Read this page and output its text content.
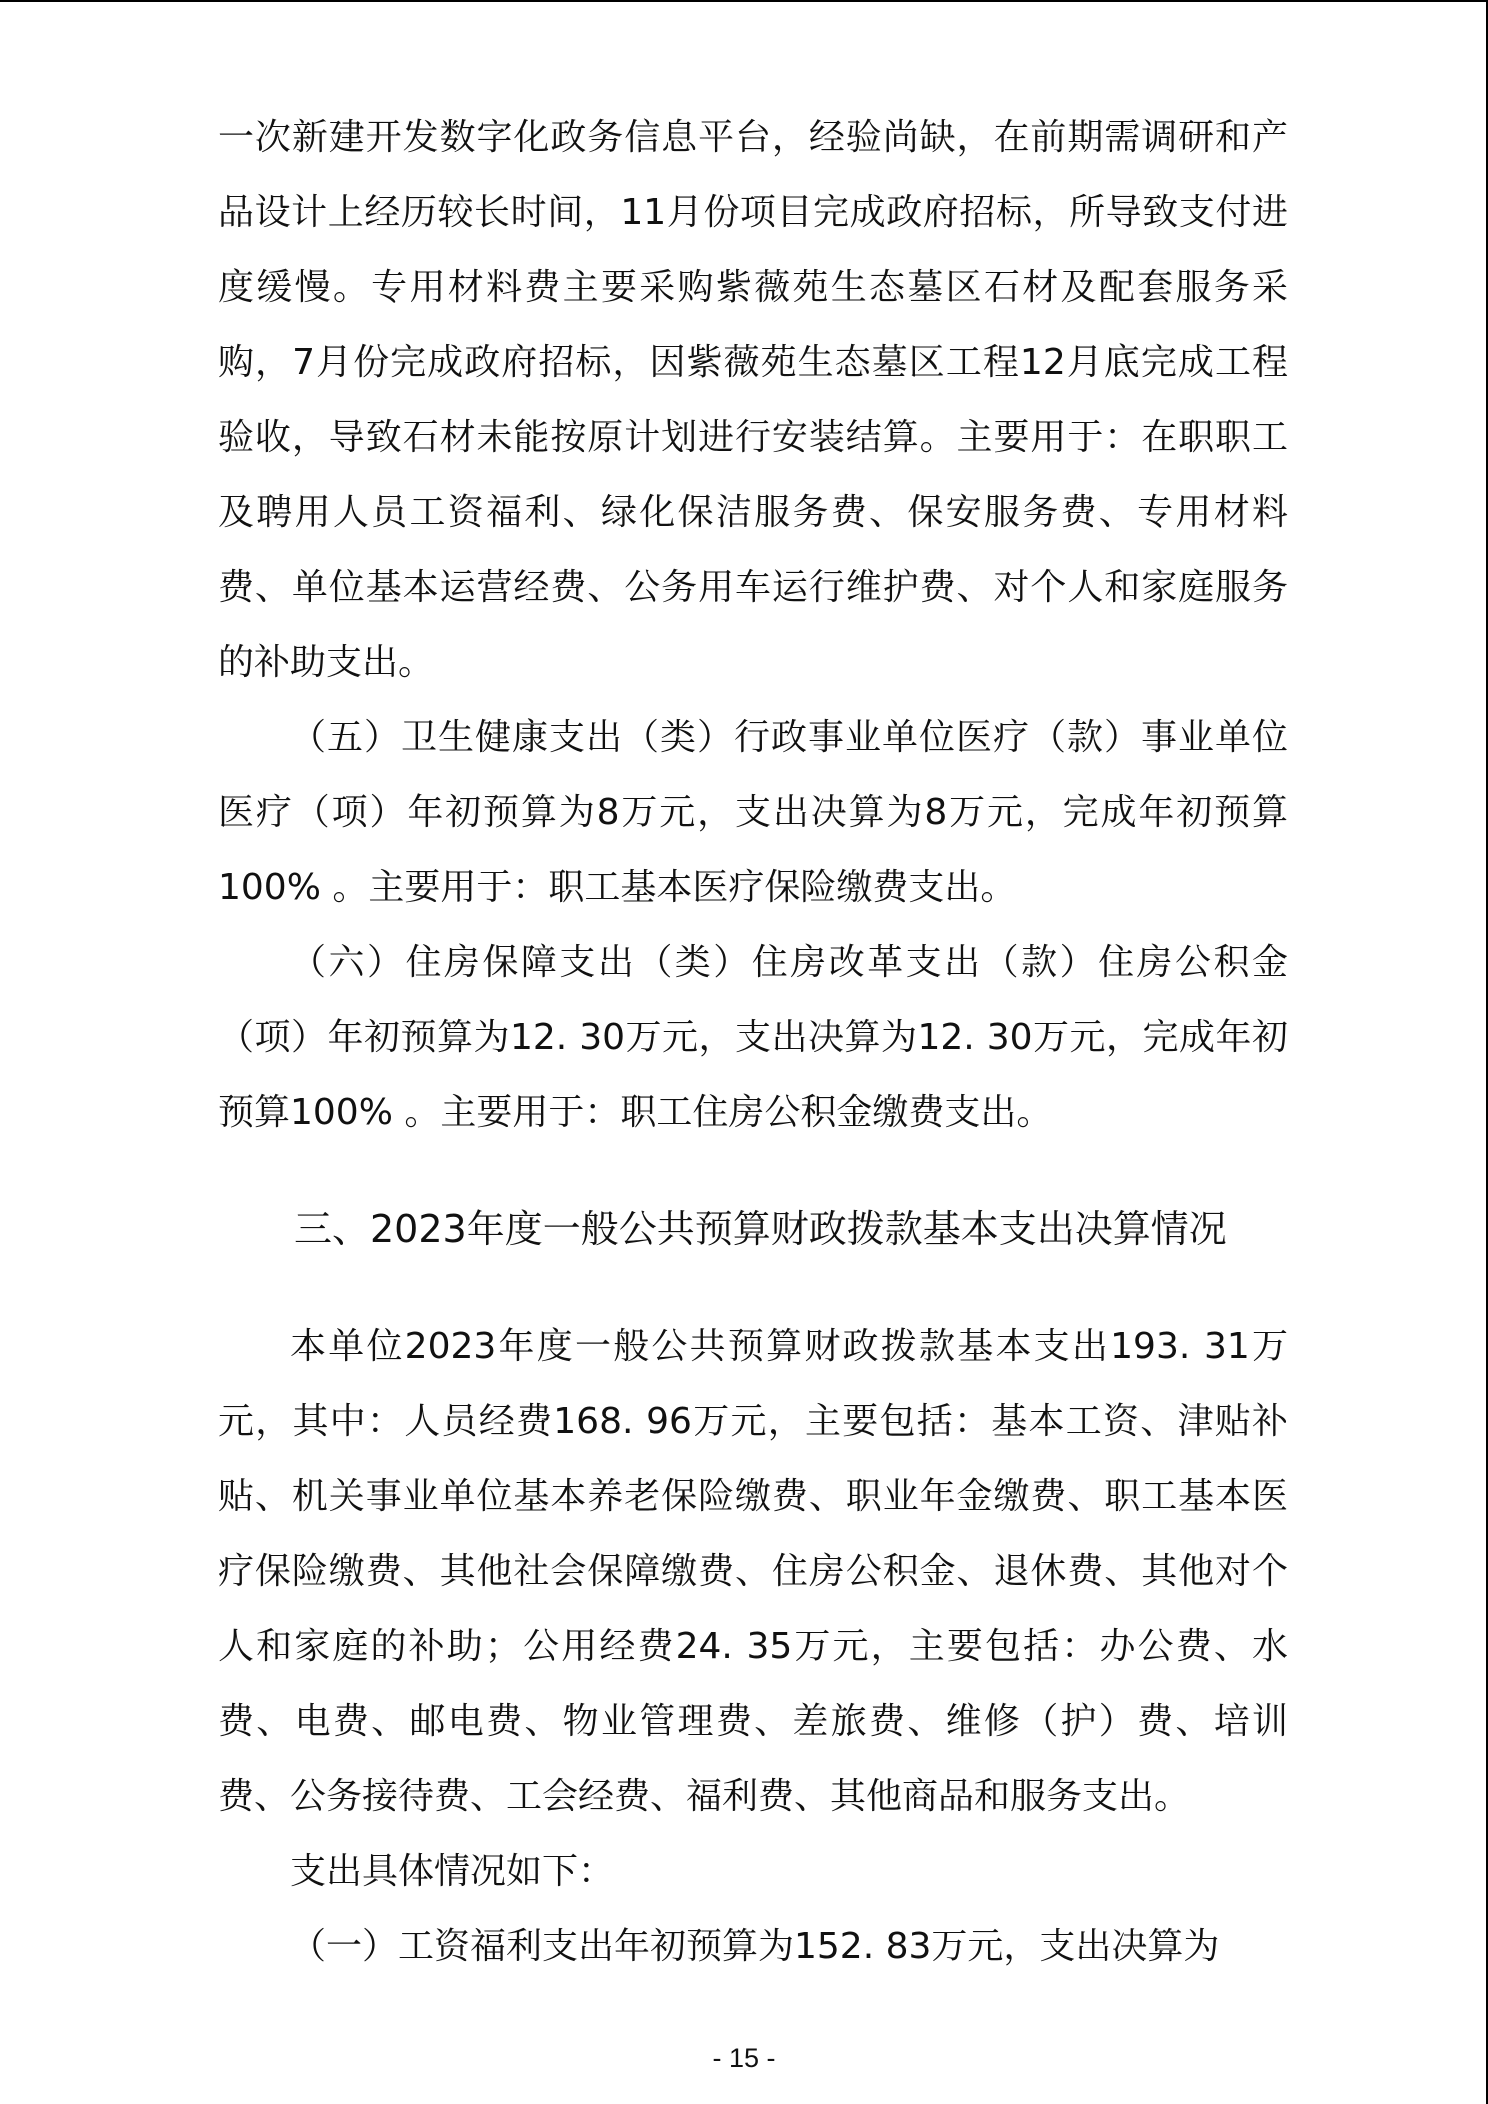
一次新建开发数字化政务信息平台，经验尚缺，在前期需调研和产品设计上经历较长时间，11月份项目完成政府招标，所导致支付进度缓慢。专用材料费主要采购紫薇苑生态墓区石材及配套服务采购，7月份完成政府招标，因紫薇苑生态墓区工程12月底完成工程验收，导致石材未能按原计划进行安装结算。主要用于：在职职工及聘用人员工资福利、绿化保洁服务费、保安服务费、专用材料费、单位基本运营经费、公务用车运行维护费、对个人和家庭服务的补助支出。

（五）卫生健康支出（类）行政事业单位医疗（款）事业单位医疗（项）年初预算为8万元，支出决算为8万元，完成年初预算100% 。主要用于：职工基本医疗保险缴费支出。

（六）住房保障支出（类）住房改革支出（款）住房公积金（项）年初预算为12. 30万元，支出决算为12. 30万元，完成年初预算100% 。主要用于：职工住房公积金缴费支出。

三、2023年度一般公共预算财政拨款基本支出决算情况

本单位2023年度一般公共预算财政拨款基本支出193. 31万元，其中：人员经费168. 96万元，主要包括：基本工资、津贴补贴、机关事业单位基本养老保险缴费、职业年金缴费、职工基本医疗保险缴费、其他社会保障缴费、住房公积金、退休费、其他对个人和家庭的补助；公用经费24. 35万元，主要包括：办公费、水费、电费、邮电费、物业管理费、差旅费、维修（护）费、培训费、公务接待费、工会经费、福利费、其他商品和服务支出。

支出具体情况如下：

（一）工资福利支出年初预算为152. 83万元，支出决算为

- 15 -
